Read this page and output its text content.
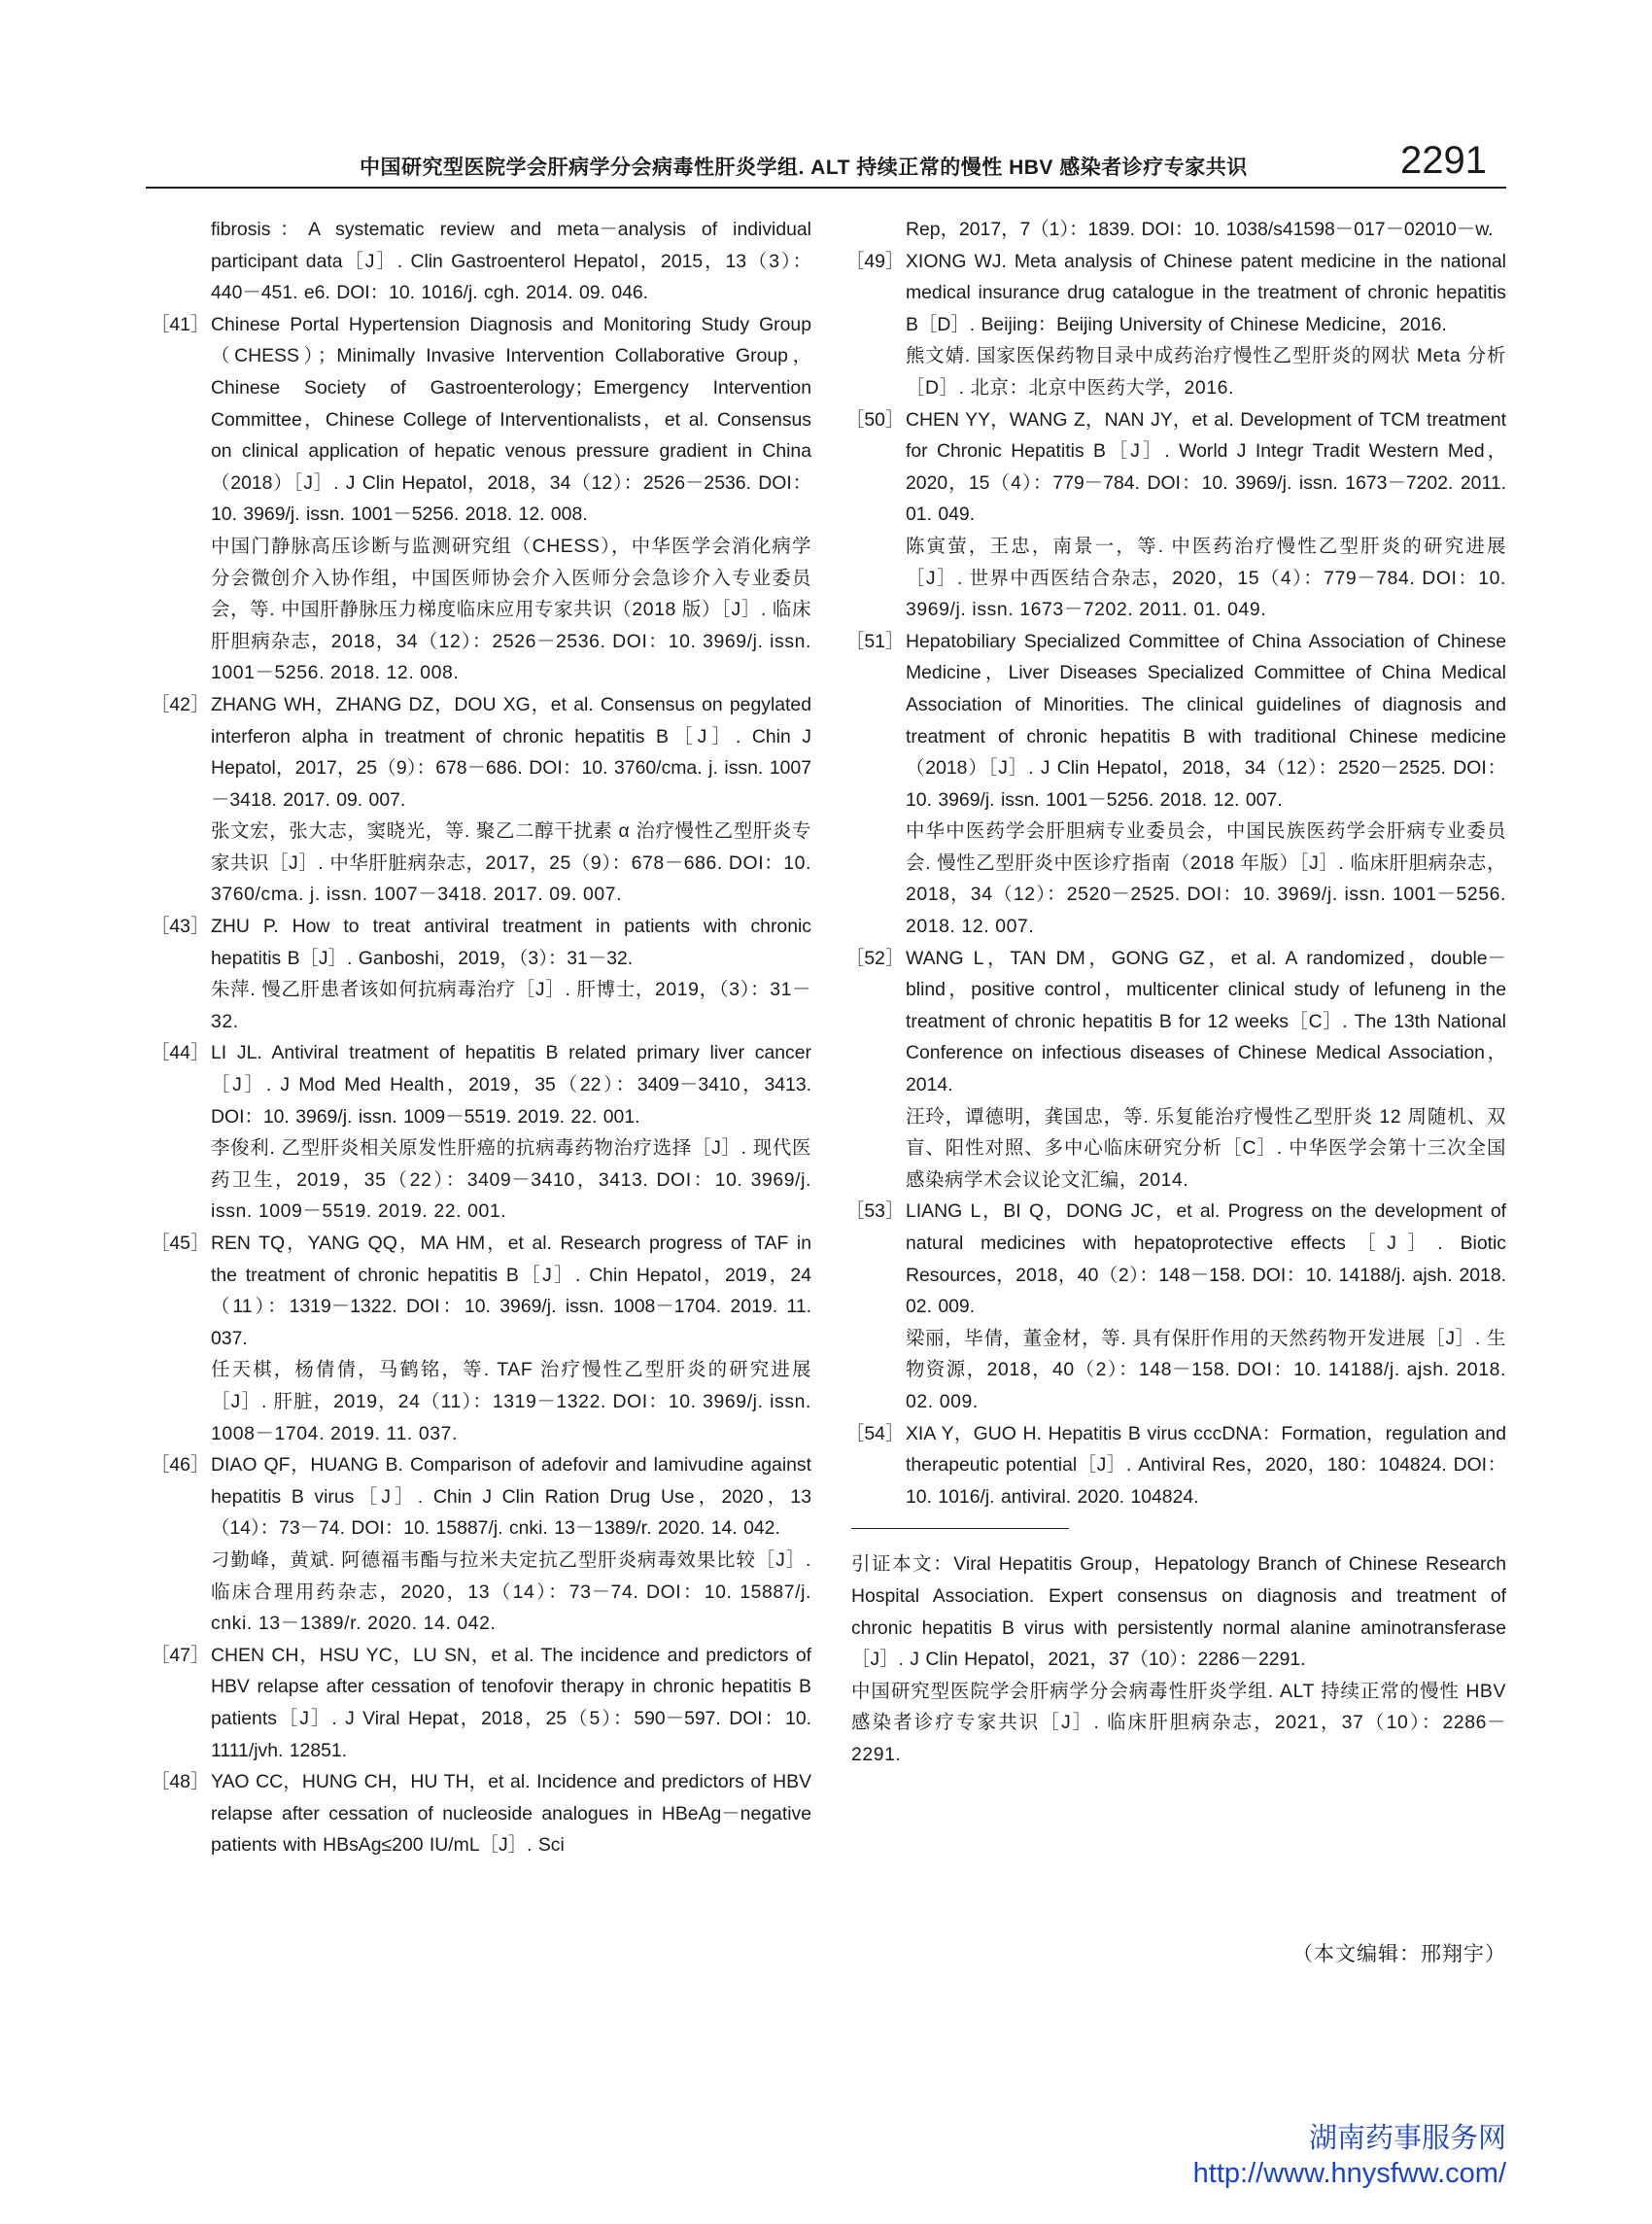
中国研究型医院学会肝病学分会病毒性肝炎学组. ALT 持续正常的慢性 HBV 感染者诊疗专家共识	2291

fibrosis：A systematic review and meta－analysis of individual participant data［J］. Clin Gastroenterol Hepatol，2015，13（3）：440－451. e6. DOI：10. 1016/j. cgh. 2014. 09. 046.

［41］ Chinese Portal Hypertension Diagnosis and Monitoring Study Group（CHESS）；Minimally Invasive Intervention Collaborative Group，Chinese Society of Gastroenterology；Emergency Intervention Committee，Chinese College of Interventionalists，et al. Consensus on clinical application of hepatic venous pressure gradient in China（2018）［J］. J Clin Hepatol，2018，34（12）：2526－2536. DOI：10. 3969/j. issn. 1001－5256. 2018. 12. 008.

中国门静脉高压诊断与监测研究组（CHESS），中华医学会消化病学分会微创介入协作组，中国医师协会介入医师分会急诊介入专业委员会，等. 中国肝静脉压力梯度临床应用专家共识（2018 版）［J］. 临床肝胆病杂志，2018，34（12）：2526－2536. DOI：10. 3969/j. issn. 1001－5256. 2018. 12. 008.

［42］ ZHANG WH，ZHANG DZ，DOU XG，et al. Consensus on pegylated interferon alpha in treatment of chronic hepatitis B［J］. Chin J Hepatol，2017，25（9）：678－686. DOI：10. 3760/cma. j. issn. 1007－3418. 2017. 09. 007.

张文宏，张大志，窦晓光，等. 聚乙二醇干扰素 α 治疗慢性乙型肝炎专家共识［J］. 中华肝脏病杂志，2017，25（9）：678－686. DOI：10. 3760/cma. j. issn. 1007－3418. 2017. 09. 007.

［43］ ZHU P. How to treat antiviral treatment in patients with chronic hepatitis B［J］. Ganboshi，2019，（3）：31－32.

朱萍. 慢乙肝患者该如何抗病毒治疗［J］. 肝博士，2019，（3）：31－32.

［44］ LI JL. Antiviral treatment of hepatitis B related primary liver cancer［J］. J Mod Med Health，2019，35（22）：3409－3410，3413. DOI：10. 3969/j. issn. 1009－5519. 2019. 22. 001.

李俊利. 乙型肝炎相关原发性肝癌的抗病毒药物治疗选择［J］. 现代医药卫生，2019，35（22）：3409－3410，3413. DOI：10. 3969/j. issn. 1009－5519. 2019. 22. 001.

［45］ REN TQ，YANG QQ，MA HM，et al. Research progress of TAF in the treatment of chronic hepatitis B［J］. Chin Hepatol，2019，24（11）：1319－1322. DOI：10. 3969/j. issn. 1008－1704. 2019. 11. 037.

任天棋，杨倩倩，马鹤铭，等. TAF 治疗慢性乙型肝炎的研究进展［J］. 肝脏，2019，24（11）：1319－1322. DOI：10. 3969/j. issn. 1008－1704. 2019. 11. 037.

［46］ DIAO QF，HUANG B. Comparison of adefovir and lamivudine against hepatitis B virus［J］. Chin J Clin Ration Drug Use，2020，13（14）：73－74. DOI：10. 15887/j. cnki. 13－1389/r. 2020. 14. 042.

刁勤峰，黄斌. 阿德福韦酯与拉米夫定抗乙型肝炎病毒效果比较［J］. 临床合理用药杂志，2020，13（14）：73－74. DOI：10. 15887/j. cnki. 13－1389/r. 2020. 14. 042.

［47］ CHEN CH，HSU YC，LU SN，et al. The incidence and predictors of HBV relapse after cessation of tenofovir therapy in chronic hepatitis B patients［J］. J Viral Hepat，2018，25（5）：590－597. DOI：10. 1111/jvh. 12851.

［48］ YAO CC，HUNG CH，HU TH，et al. Incidence and predictors of HBV relapse after cessation of nucleoside analogues in HBeAg－negative patients with HBsAg≤200 IU/mL［J］. Sci

Rep，2017，7（1）：1839. DOI：10. 1038/s41598－017－02010－w.

［49］ XIONG WJ. Meta analysis of Chinese patent medicine in the national medical insurance drug catalogue in the treatment of chronic hepatitis B［D］. Beijing：Beijing University of Chinese Medicine，2016.

熊文婧. 国家医保药物目录中成药治疗慢性乙型肝炎的网状 Meta 分析［D］. 北京：北京中医药大学，2016.

［50］ CHEN YY，WANG Z，NAN JY，et al. Development of TCM treatment for Chronic Hepatitis B［J］. World J Integr Tradit Western Med，2020，15（4）：779－784. DOI：10. 3969/j. issn. 1673－7202. 2011. 01. 049.

陈寅萤，王忠，南景一，等. 中医药治疗慢性乙型肝炎的研究进展［J］. 世界中西医结合杂志，2020，15（4）：779－784. DOI：10. 3969/j. issn. 1673－7202. 2011. 01. 049.

［51］ Hepatobiliary Specialized Committee of China Association of Chinese Medicine，Liver Diseases Specialized Committee of China Medical Association of Minorities. The clinical guidelines of diagnosis and treatment of chronic hepatitis B with traditional Chinese medicine（2018）［J］. J Clin Hepatol，2018，34（12）：2520－2525. DOI：10. 3969/j. issn. 1001－5256. 2018. 12. 007.

中华中医药学会肝胆病专业委员会，中国民族医药学会肝病专业委员会. 慢性乙型肝炎中医诊疗指南（2018 年版）［J］. 临床肝胆病杂志，2018，34（12）：2520－2525. DOI：10. 3969/j. issn. 1001－5256. 2018. 12. 007.

［52］ WANG L，TAN DM，GONG GZ，et al. A randomized，double－blind，positive control，multicenter clinical study of lefuneng in the treatment of chronic hepatitis B for 12 weeks［C］. The 13th National Conference on infectious diseases of Chinese Medical Association，2014.

汪玲，谭德明，龚国忠，等. 乐复能治疗慢性乙型肝炎 12 周随机、双盲、阳性对照、多中心临床研究分析［C］. 中华医学会第十三次全国感染病学术会议论文汇编，2014.

［53］ LIANG L，BI Q，DONG JC，et al. Progress on the development of natural medicines with hepatoprotective effects［J］. Biotic Resources，2018，40（2）：148－158. DOI：10. 14188/j. ajsh. 2018. 02. 009.

梁丽，毕倩，董金材，等. 具有保肝作用的天然药物开发进展［J］. 生物资源，2018，40（2）：148－158. DOI：10. 14188/j. ajsh. 2018. 02. 009.

［54］ XIA Y，GUO H. Hepatitis B virus cccDNA：Formation，regulation and therapeutic potential［J］. Antiviral Res，2020，180：104824. DOI：10. 1016/j. antiviral. 2020. 104824.

引证本文：Viral Hepatitis Group，Hepatology Branch of Chinese Research Hospital Association. Expert consensus on diagnosis and treatment of chronic hepatitis B virus with persistently normal alanine aminotransferase［J］. J Clin Hepatol，2021，37（10）：2286－2291.

中国研究型医院学会肝病学分会病毒性肝炎学组. ALT 持续正常的慢性 HBV 感染者诊疗专家共识［J］. 临床肝胆病杂志，2021，37（10）：2286－2291.

（本文编辑：邢翔宇）
湖南药事服务网
http://www.hnysfww.com/
